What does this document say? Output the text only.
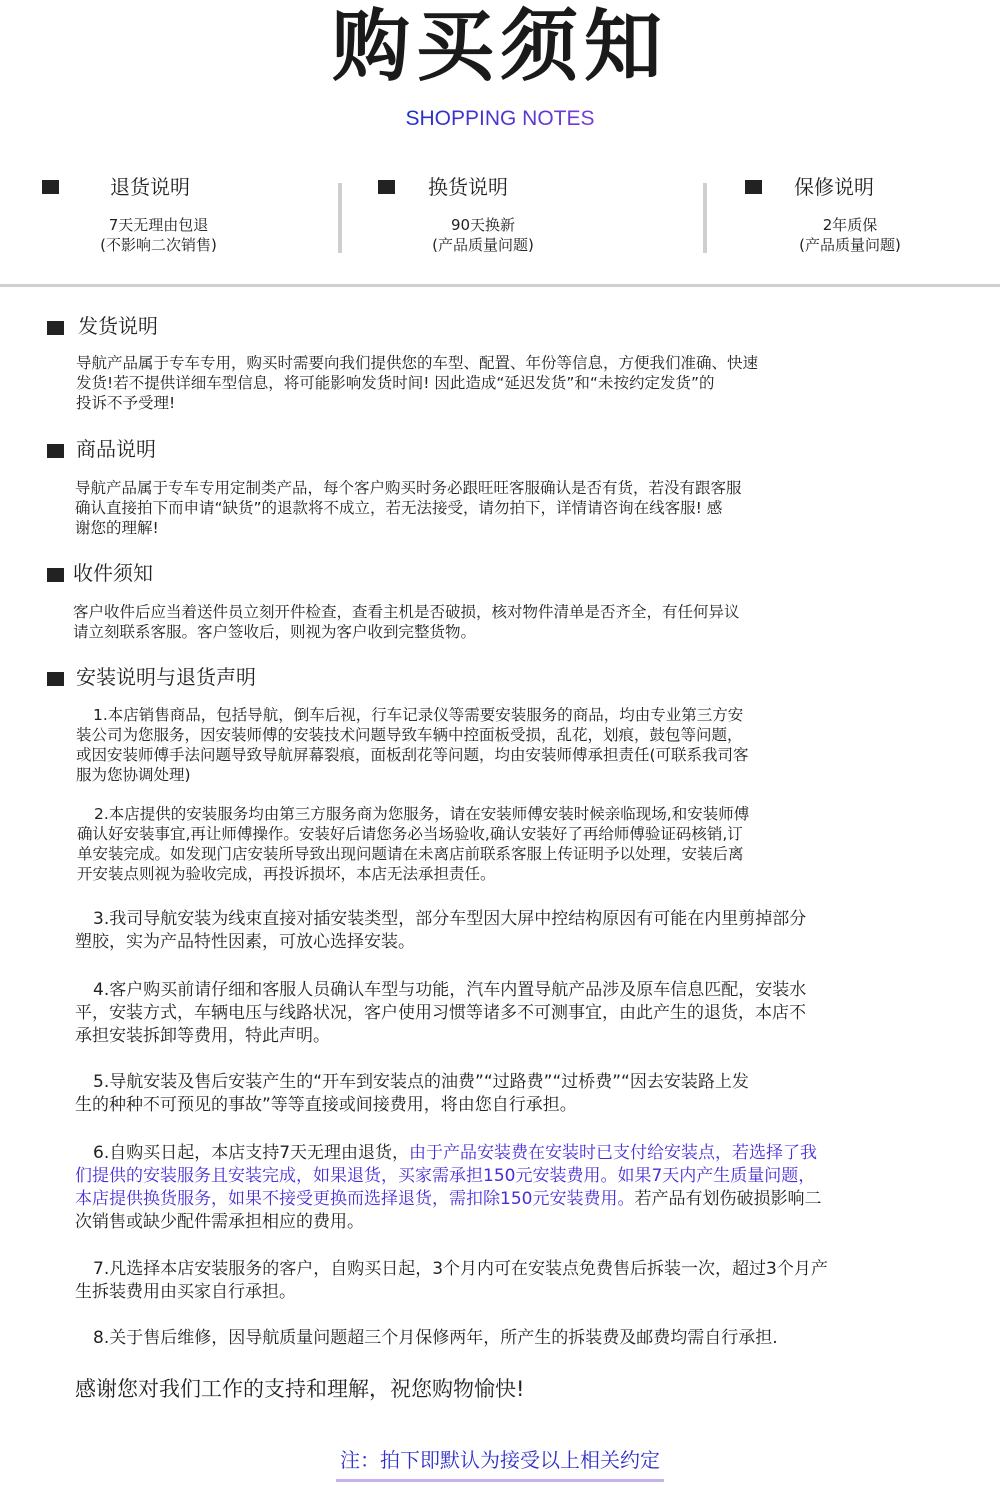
购买须知
SHOPPING NOTES
退货说明
7天无理由包退
(不影响二次销售)
换货说明
90天换新
(产品质量问题)
保修说明
2年质保
(产品质量问题)
发货说明
导航产品属于专车专用，购买时需要向我们提供您的车型、配置、年份等信息，方便我们准确、快速
发货!若不提供详细车型信息，将可能影响发货时间! 因此造成“延迟发货”和“未按约定发货”的
投诉不予受理!
商品说明
导航产品属于专车专用定制类产品，每个客户购买时务必跟旺旺客服确认是否有货，若没有跟客服
确认直接拍下而申请“缺货”的退款将不成立，若无法接受，请勿拍下，详情请咨询在线客服! 感
谢您的理解!
收件须知
客户收件后应当着送件员立刻开件检查，查看主机是否破损，核对物件清单是否齐全，有任何异议
请立刻联系客服。客户签收后，则视为客户收到完整货物。
安装说明与退货声明
1.本店销售商品，包括导航，倒车后视，行车记录仪等需要安装服务的商品，均由专业第三方安
装公司为您服务，因安装师傅的安装技术问题导致车辆中控面板受损，乱花，划痕，鼓包等问题，
或因安装师傅手法问题导致导航屏幕裂痕，面板刮花等问题，均由安装师傅承担责任(可联系我司客
服为您协调处理)
2.本店提供的安装服务均由第三方服务商为您服务，请在安装师傅安装时候亲临现场,和安装师傅
确认好安装事宜,再让师傅操作。安装好后请您务必当场验收,确认安装好了再给师傅验证码核销,订
单安装完成。如发现门店安装所导致出现问题请在未离店前联系客服上传证明予以处理，安装后离
开安装点则视为验收完成，再投诉损坏，本店无法承担责任。
3.我司导航安装为线束直接对插安装类型，部分车型因大屏中控结构原因有可能在内里剪掉部分
塑胶，实为产品特性因素，可放心选择安装。
4.客户购买前请仔细和客服人员确认车型与功能，汽车内置导航产品涉及原车信息匹配，安装水
平，安装方式，车辆电压与线路状况，客户使用习惯等诸多不可测事宜，由此产生的退货，本店不
承担安装拆卸等费用，特此声明。
5.导航安装及售后安装产生的“开车到安装点的油费”“过路费”“过桥费”“因去安装路上发
生的种种不可预见的事故”等等直接或间接费用，将由您自行承担。
6.自购买日起，本店支持7天无理由退货，由于产品安装费在安装时已支付给安装点，若选择了我
们提供的安装服务且安装完成，如果退货，买家需承担150元安装费用。如果7天内产生质量问题，
本店提供换货服务，如果不接受更换而选择退货，需扣除150元安装费用。若产品有划伤破损影响二
次销售或缺少配件需承担相应的费用。
7.凡选择本店安装服务的客户，自购买日起，3个月内可在安装点免费售后拆装一次，超过3个月产
生拆装费用由买家自行承担。
8.关于售后维修，因导航质量问题超三个月保修两年，所产生的拆装费及邮费均需自行承担.
感谢您对我们工作的支持和理解，祝您购物愉快!
注：拍下即默认为接受以上相关约定
